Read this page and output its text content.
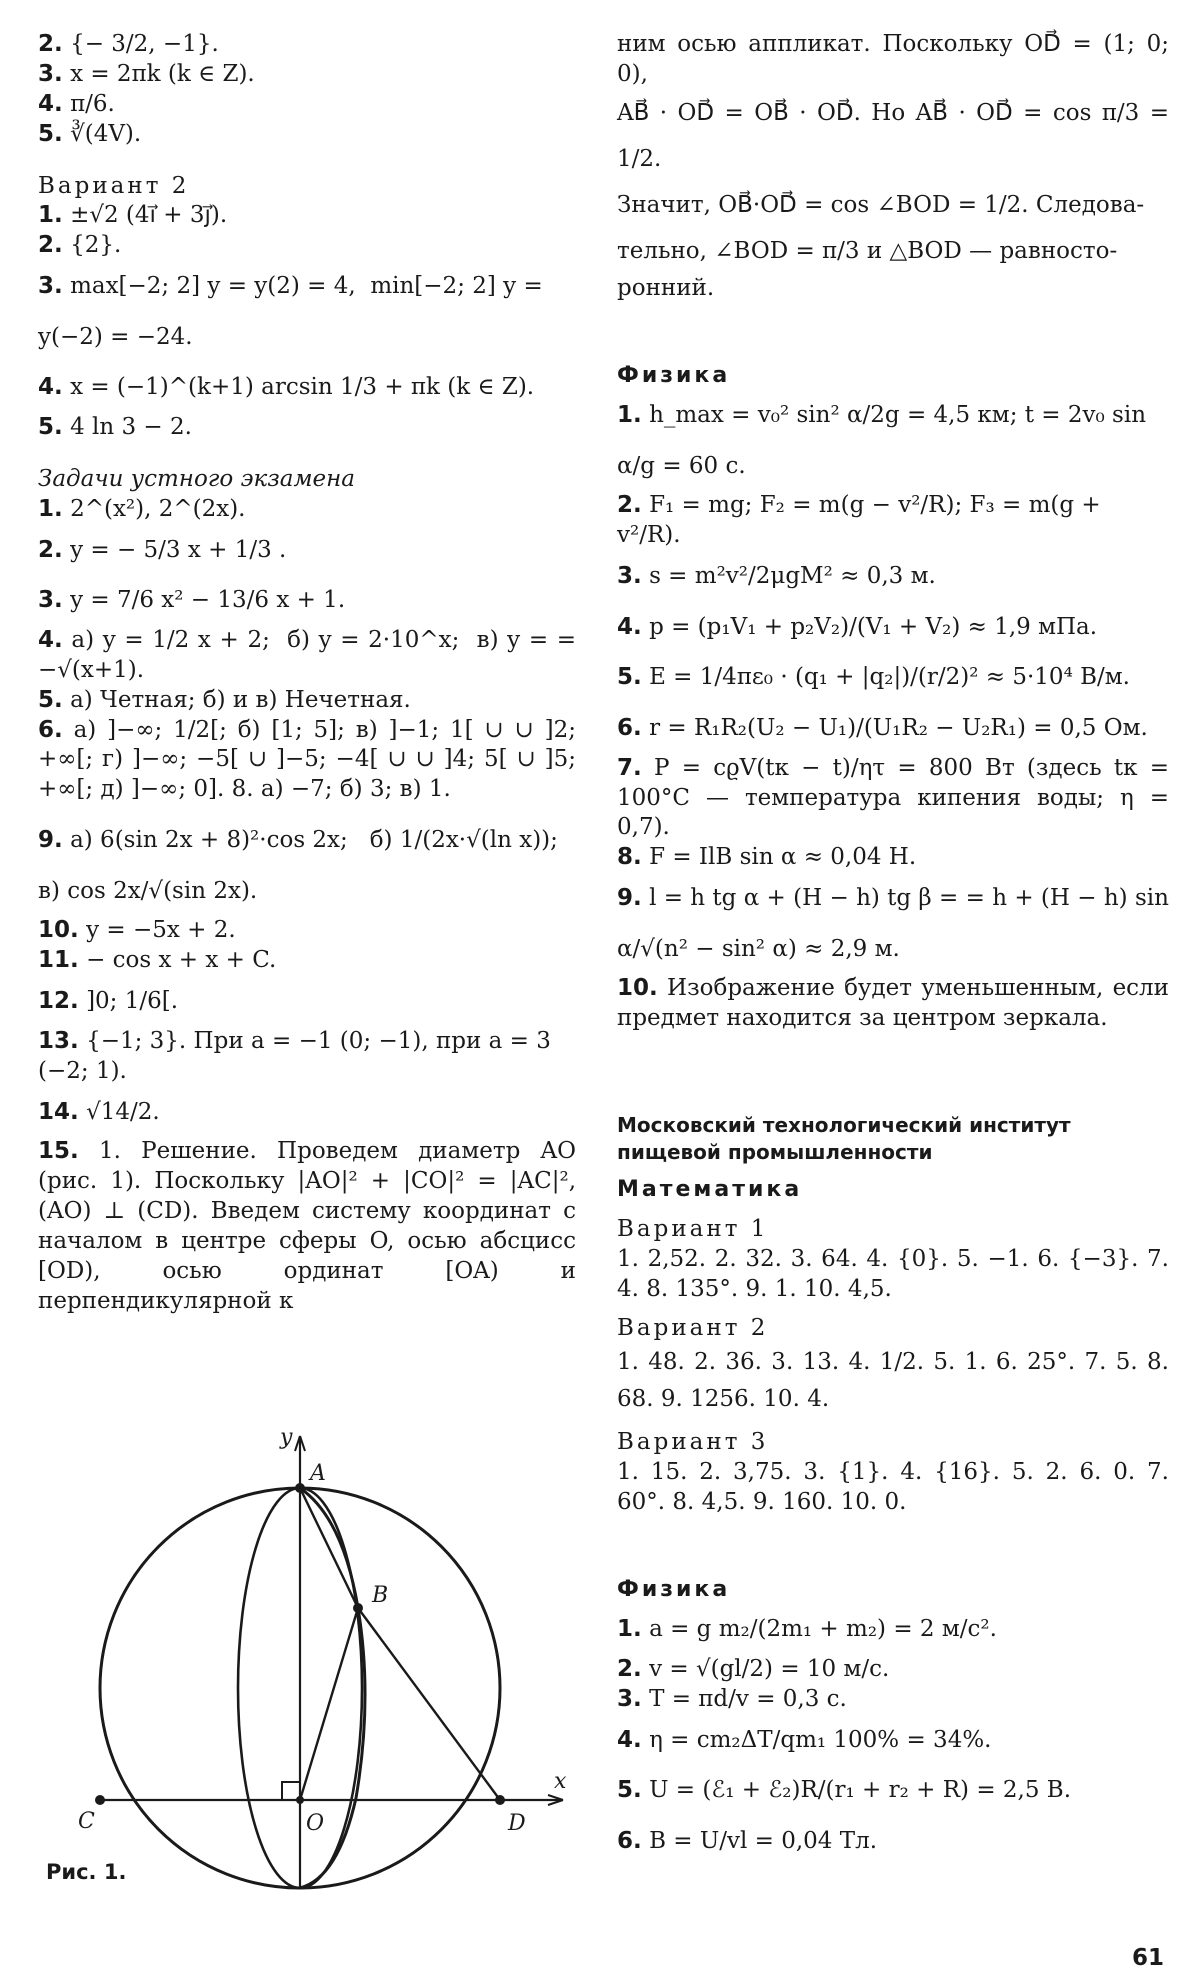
2. {− 3/2, −1}.

3. x = 2πk (k ∈ Z).

4. π/6.

5. ∛(4V).

Вариант 2

1. ±√2 (4i⃗ + 3j⃗).

2. {2}.

3. max[−2; 2] y = y(2) = 4,  min[−2; 2] y = y(−2) = −24.

4. x = (−1)^(k+1) arcsin 1/3 + πk (k ∈ Z).

5. 4 ln 3 − 2.

Задачи устного экзамена

1. 2^(x²), 2^(2x).

2. y = − 5/3 x + 1/3 .

3. y = 7/6 x² − 13/6 x + 1.

4. а) y = 1/2 x + 2;  б) y = 2·10^x;  в) y = = −√(x+1).

5. а) Четная; б) и в) Нечетная.

6. а) ]−∞; 1/2[; б) [1; 5]; в) ]−1; 1[ ∪ ∪ ]2; +∞[; г) ]−∞; −5[ ∪ ]−5; −4[ ∪ ∪ ]4; 5[ ∪ ]5; +∞[; д) ]−∞; 0]. 8. а) −7; б) 3; в) 1.

9. а) 6(sin 2x + 8)²·cos 2x;   б) 1/(2x·√(ln x)); в) cos 2x/√(sin 2x).

10. y = −5x + 2.

11. − cos x + x + C.

12. ]0; 1/6[.

13. {−1; 3}. При a = −1 (0; −1), при a = 3 (−2; 1).

14. √14/2.

15. 1. Решение. Проведем диаметр AO (рис. 1). Поскольку |AO|² + |CO|² = |AC|², (AO) ⊥ (CD). Введем систему координат с началом в центре сферы O, осью абсцисс [OD), осью ординат [OA) и перпендикулярной к

y
A
B
C	O	D
x
Рис. 1.

ним осью аппликат. Поскольку OD⃗ = (1; 0; 0),

AB⃗ · OD⃗ = OB⃗ · OD⃗. Но AB⃗ · OD⃗ = cos π/3 = 1/2.

Значит, OB⃗·OD⃗ = cos ∠BOD = 1/2. Следова-

тельно, ∠BOD = π/3 и △BOD — равносто-

ронний.

Физика

1. h_max = v₀² sin² α/2g = 4,5 км; t = 2v₀ sin α/g = 60 c.

2. F₁ = mg; F₂ = m(g − v²/R); F₃ = m(g + v²/R).

3. s = m²v²/2μgM² ≈ 0,3 м.

4. p = (p₁V₁ + p₂V₂)/(V₁ + V₂) ≈ 1,9 мПа.

5. E = 1/4πε₀ · (q₁ + |q₂|)/(r/2)² ≈ 5·10⁴ В/м.

6. r = R₁R₂(U₂ − U₁)/(U₁R₂ − U₂R₁) = 0,5 Ом.

7. P = cϱV(tк − t)/ητ = 800 Вт (здесь tк = 100°C — температура кипения воды; η = 0,7).

8. F = IlB sin α ≈ 0,04 H.

9. l = h tg α + (H − h) tg β = = h + (H − h) sin α/√(n² − sin² α) ≈ 2,9 м.

10. Изображение будет уменьшенным, если предмет находится за центром зеркала.

Московский технологический институт пищевой промышленности

Математика

Вариант 1

1. 2,52. 2. 32. 3. 64. 4. {0}. 5. −1. 6. {−3}. 7. 4. 8. 135°. 9. 1. 10. 4,5.

Вариант 2

1. 48. 2. 36. 3. 13. 4. 1/2. 5. 1. 6. 25°. 7. 5. 8. 68. 9. 1256. 10. 4.

Вариант 3

1. 15. 2. 3,75. 3. {1}. 4. {16}. 5. 2. 6. 0. 7. 60°. 8. 4,5. 9. 160. 10. 0.

Физика

1. a = g m₂/(2m₁ + m₂) = 2 м/с².

2. v = √(gl/2) = 10 м/с.

3. T = πd/v = 0,3 с.

4. η = cm₂ΔT/qm₁ 100% = 34%.

5. U = (ℰ₁ + ℰ₂)R/(r₁ + r₂ + R) = 2,5 В.

6. B = U/vl = 0,04 Тл.

61
